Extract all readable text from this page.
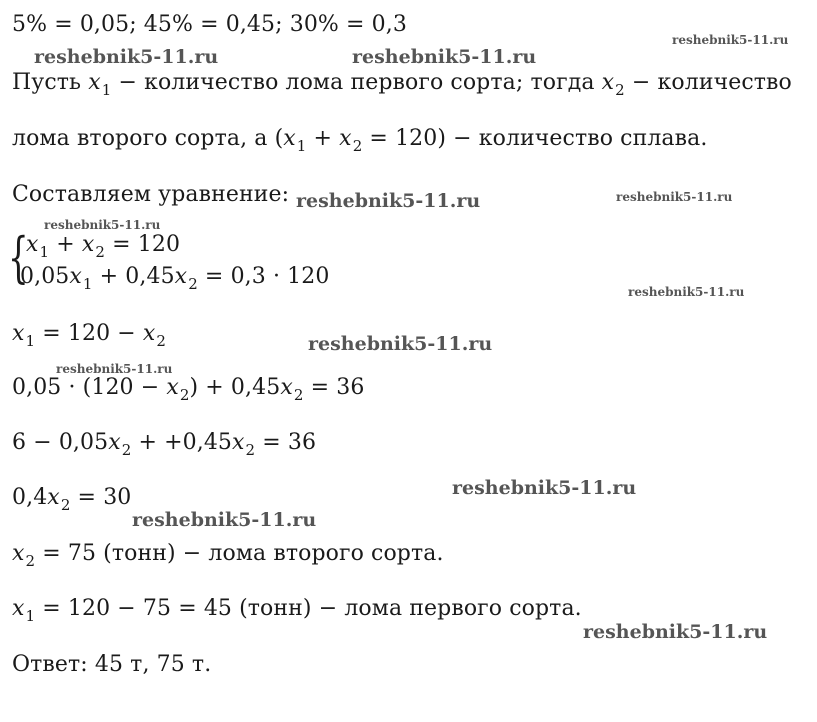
5% = 0,05; 45% = 0,45; 30% = 0,3
Пусть $x_1$ − количество лома первого сорта; тогда $x_2$ − количество
лома второго сорта, а $(x_1 + x_2 = 120)$ − количество сплава.
Составляем уравнение:
{
$x_1 + x_2 = 120$
$0,05x_1 + 0,45x_2 = 0,3 \cdot 120$
$x_1 = 120 - x_2$
$0,05 \cdot (120 - x_2) + 0,45x_2 = 36$
$6 - 0,05x_2 + +0,45x_2 = 36$
$0,4x_2 = 30$
$x_2 = 75$ (тонн) − лома второго сорта.
$x_1 = 120 - 75 = 45$ (тонн) − лома первого сорта.
Ответ: 45 т, 75 т.
reshebnik5-11.ru	reshebnik5-11.ru
reshebnik5-11.ru
reshebnik5-11.ru	reshebnik5-11.ru
reshebnik5-11.ru
reshebnik5-11.ru
reshebnik5-11.ru
reshebnik5-11.ru
reshebnik5-11.ru
reshebnik5-11.ru
reshebnik5-11.ru
